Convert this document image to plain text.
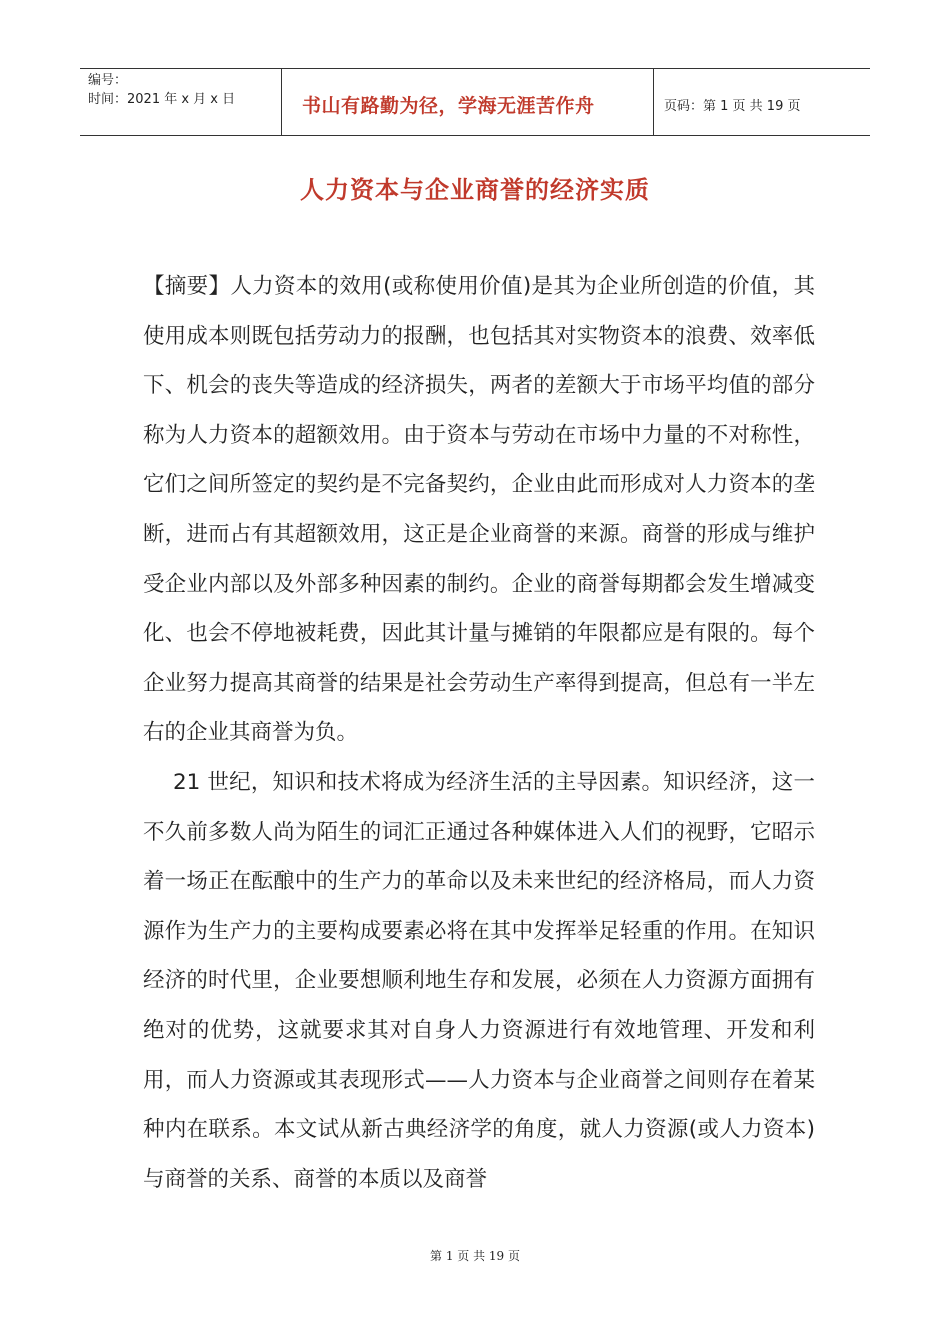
编号：
时间：2021 年 x 月 x 日	书山有路勤为径，学海无涯苦作舟	页码：第 1 页 共 19 页
人力资本与企业商誉的经济实质

【摘要】人力资本的效用(或称使用价值)是其为企业所创造的价值，其使用成本则既包括劳动力的报酬，也包括其对实物资本的浪费、效率低下、机会的丧失等造成的经济损失，两者的差额大于市场平均值的部分称为人力资本的超额效用。由于资本与劳动在市场中力量的不对称性，它们之间所签定的契约是不完备契约，企业由此而形成对人力资本的垄断，进而占有其超额效用，这正是企业商誉的来源。商誉的形成与维护受企业内部以及外部多种因素的制约。企业的商誉每期都会发生增减变化、也会不停地被耗费，因此其计量与摊销的年限都应是有限的。每个企业努力提高其商誉的结果是社会劳动生产率得到提高，但总有一半左右的企业其商誉为负。

21 世纪，知识和技术将成为经济生活的主导因素。知识经济，这一不久前多数人尚为陌生的词汇正通过各种媒体进入人们的视野，它昭示着一场正在酝酿中的生产力的革命以及未来世纪的经济格局，而人力资源作为生产力的主要构成要素必将在其中发挥举足轻重的作用。在知识经济的时代里，企业要想顺利地生存和发展，必须在人力资源方面拥有绝对的优势，这就要求其对自身人力资源进行有效地管理、开发和利用，而人力资源或其表现形式——人力资本与企业商誉之间则存在着某种内在联系。本文试从新古典经济学的角度，就人力资源(或人力资本)与商誉的关系、商誉的本质以及商誉

第 1 页 共 19 页
